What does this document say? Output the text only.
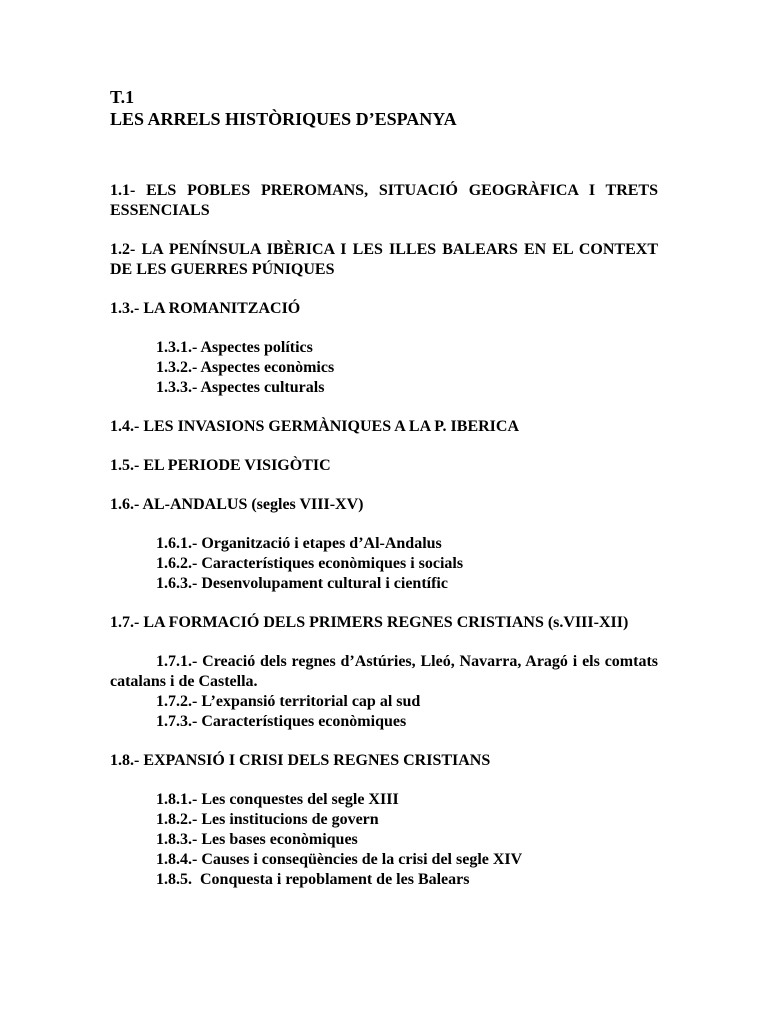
T.1
LES ARRELS HISTÒRIQUES D’ESPANYA
1.1- ELS POBLES PREROMANS, SITUACIÓ GEOGRÀFICA I TRETS ESSENCIALS
1.2- LA PENÍNSULA IBÈRICA I LES ILLES BALEARS EN EL CONTEXT DE LES GUERRES PÚNIQUES
1.3.- LA ROMANITZACIÓ
1.3.1.- Aspectes polítics
1.3.2.- Aspectes econòmics
1.3.3.- Aspectes culturals
1.4.- LES INVASIONS GERMÀNIQUES A LA P. IBERICA
1.5.- EL PERIODE VISIGÒTIC
1.6.- AL-ANDALUS (segles VIII-XV)
1.6.1.- Organització i etapes d’Al-Andalus
1.6.2.- Característiques econòmiques i socials
1.6.3.- Desenvolupament cultural i científic
1.7.- LA FORMACIÓ DELS PRIMERS REGNES CRISTIANS (s.VIII-XII)
1.7.1.- Creació dels regnes d’Astúries, Lleó, Navarra, Aragó i els comtats catalans i de Castella.
1.7.2.- L’expansió territorial cap al sud
1.7.3.- Característiques econòmiques
1.8.- EXPANSIÓ I CRISI DELS REGNES CRISTIANS
1.8.1.- Les conquestes del segle XIII
1.8.2.- Les institucions de govern
1.8.3.- Les bases econòmiques
1.8.4.- Causes i conseqüències de la crisi del segle XIV
1.8.5.  Conquesta i repoblament de les Balears
